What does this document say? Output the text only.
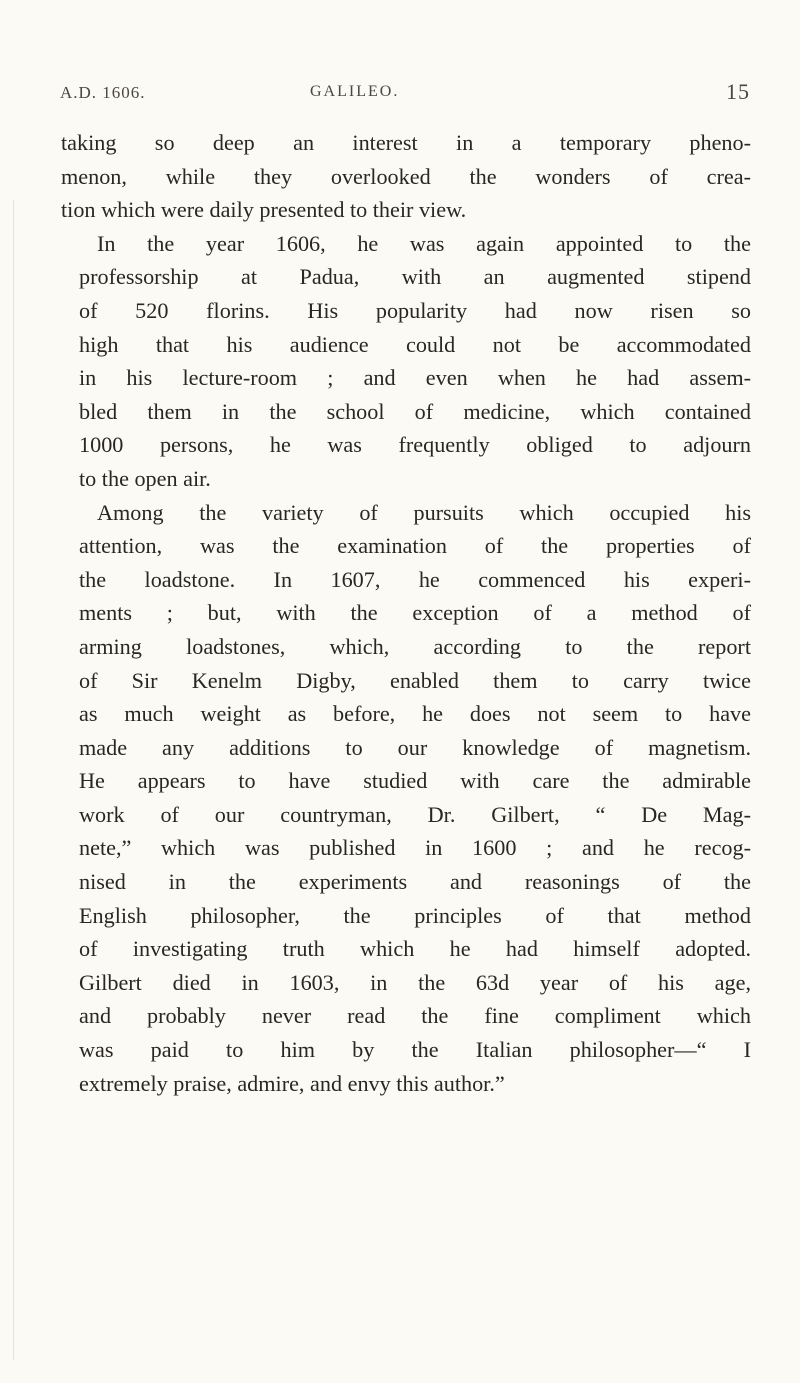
A.D. 1606.	GALILEO.	15
taking so deep an interest in a temporary pheno-
menon, while they overlooked the wonders of crea-
tion which were daily presented to their view.
In the year 1606, he was again appointed to the
professorship at Padua, with an augmented stipend
of 520 florins. His popularity had now risen so
high that his audience could not be accommodated
in his lecture-room ; and even when he had assem-
bled them in the school of medicine, which contained
1000 persons, he was frequently obliged to adjourn
to the open air.
Among the variety of pursuits which occupied his
attention, was the examination of the properties of
the loadstone. In 1607, he commenced his experi-
ments ; but, with the exception of a method of
arming loadstones, which, according to the report
of Sir Kenelm Digby, enabled them to carry twice
as much weight as before, he does not seem to have
made any additions to our knowledge of magnetism.
He appears to have studied with care the admirable
work of our countryman, Dr. Gilbert, “ De Mag-
nete,” which was published in 1600 ; and he recog-
nised in the experiments and reasonings of the
English philosopher, the principles of that method
of investigating truth which he had himself adopted.
Gilbert died in 1603, in the 63d year of his age,
and probably never read the fine compliment which
was paid to him by the Italian philosopher—“ I
extremely praise, admire, and envy this author.”
